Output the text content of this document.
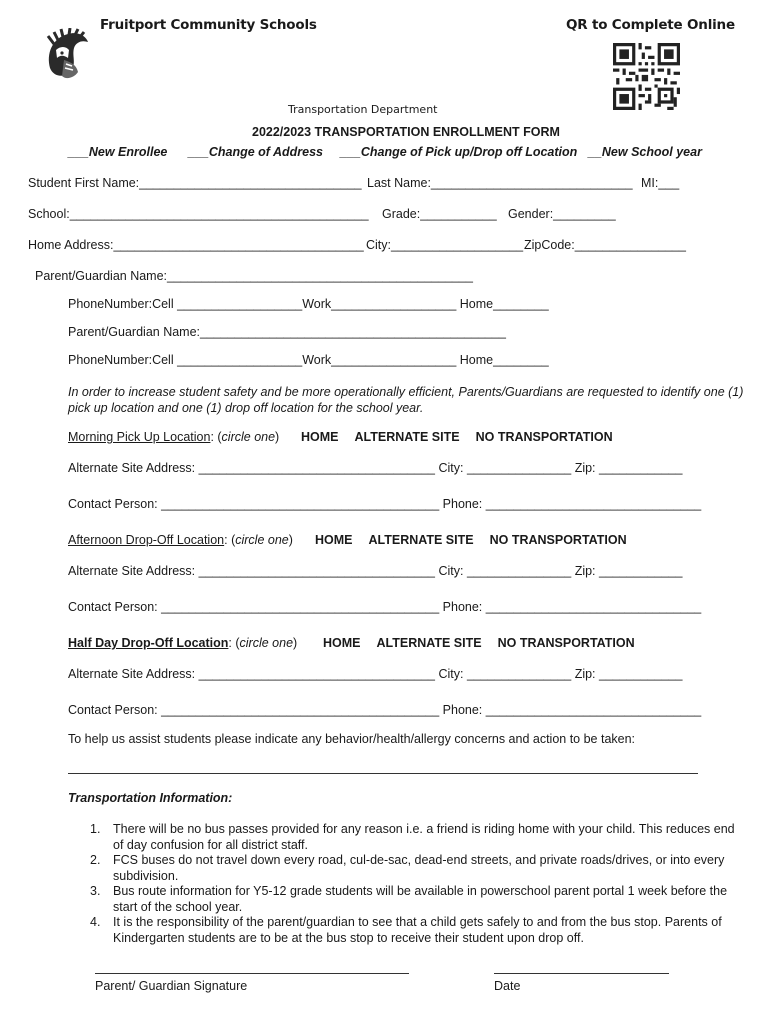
Fruitport Community Schools	QR to Complete Online
Transportation Department
2022/2023 TRANSPORTATION ENROLLMENT FORM
___New Enrollee ___Change of Address ___Change of Pick up/Drop off Location __New School year
Student First Name:________________________________ Last Name:_____________________________ MI:___
School:___________________________________________ Grade:___________ Gender:_________
Home Address:____________________________________ City:___________________ ZipCode:________________
Parent/Guardian Name:____________________________________________
PhoneNumber:Cell __________________Work__________________ Home________
Parent/Guardian Name:____________________________________________
PhoneNumber:Cell __________________Work__________________ Home________
In order to increase student safety and be more operationally efficient, Parents/Guardians are requested to identify one (1) pick up location and one (1) drop off location for the school year.
Morning Pick Up Location: (circle one) HOME ALTERNATE SITE NO TRANSPORTATION
Alternate Site Address: __________________________________ City: _______________ Zip: ____________
Contact Person: ________________________________________ Phone: _______________________________
Afternoon Drop-Off Location: (circle one) HOME ALTERNATE SITE NO TRANSPORTATION
Alternate Site Address: __________________________________ City: _______________ Zip: ____________
Contact Person: ________________________________________ Phone: _______________________________
Half Day Drop-Off Location: (circle one) HOME ALTERNATE SITE NO TRANSPORTATION
Alternate Site Address: __________________________________ City: _______________ Zip: ____________
Contact Person: ________________________________________ Phone: _______________________________
To help us assist students please indicate any behavior/health/allergy concerns and action to be taken:
Transportation Information:
1. There will be no bus passes provided for any reason i.e. a friend is riding home with your child. This reduces end of day confusion for all district staff.
2. FCS buses do not travel down every road, cul-de-sac, dead-end streets, and private roads/drives, or into every subdivision.
3. Bus route information for Y5-12 grade students will be available in powerschool parent portal 1 week before the start of the school year.
4. It is the responsibility of the parent/guardian to see that a child gets safely to and from the bus stop. Parents of Kindergarten students are to be at the bus stop to receive their student upon drop off.
Parent/ Guardian Signature	Date
